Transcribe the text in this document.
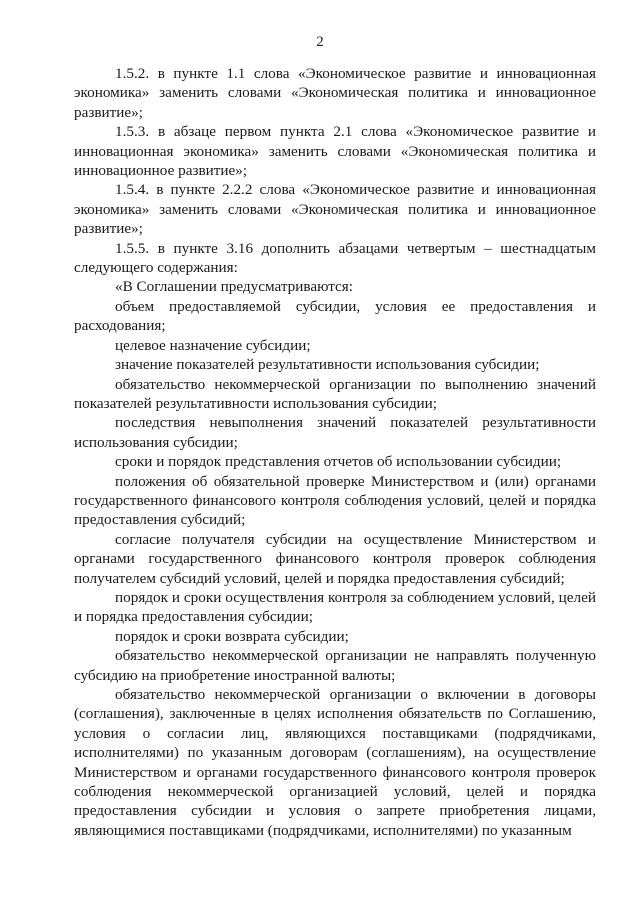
2

1.5.2. в пункте 1.1 слова «Экономическое развитие и инновационная экономика» заменить словами «Экономическая политика и инновационное развитие»;

1.5.3. в абзаце первом пункта 2.1 слова «Экономическое развитие и инновационная экономика» заменить словами «Экономическая политика и инновационное развитие»;

1.5.4. в пункте 2.2.2 слова «Экономическое развитие и инновационная экономика» заменить словами «Экономическая политика и инновационное развитие»;

1.5.5. в пункте 3.16 дополнить абзацами четвертым – шестнадцатым следующего содержания:

«В Соглашении предусматриваются:

объем предоставляемой субсидии, условия ее предоставления и расходования;

целевое назначение субсидии;

значение показателей результативности использования субсидии;

обязательство некоммерческой организации по выполнению значений показателей результативности использования субсидии;

последствия невыполнения значений показателей результативности использования субсидии;

сроки и порядок представления отчетов об использовании субсидии;

положения об обязательной проверке Министерством и (или) органами государственного финансового контроля соблюдения условий, целей и порядка предоставления субсидий;

согласие получателя субсидии на осуществление Министерством и органами государственного финансового контроля проверок соблюдения получателем субсидий условий, целей и порядка предоставления субсидий;

порядок и сроки осуществления контроля за соблюдением условий, целей и порядка предоставления субсидии;

порядок и сроки возврата субсидии;

обязательство некоммерческой организации не направлять полученную субсидию на приобретение иностранной валюты;

обязательство некоммерческой организации о включении в договоры (соглашения), заключенные в целях исполнения обязательств по Соглашению, условия о согласии лиц, являющихся поставщиками (подрядчиками, исполнителями) по указанным договорам (соглашениям), на осуществление Министерством и органами государственного финансового контроля проверок соблюдения некоммерческой организацией условий, целей и порядка предоставления субсидии и условия о запрете приобретения лицами, являющимися поставщиками (подрядчиками, исполнителями) по указанным
